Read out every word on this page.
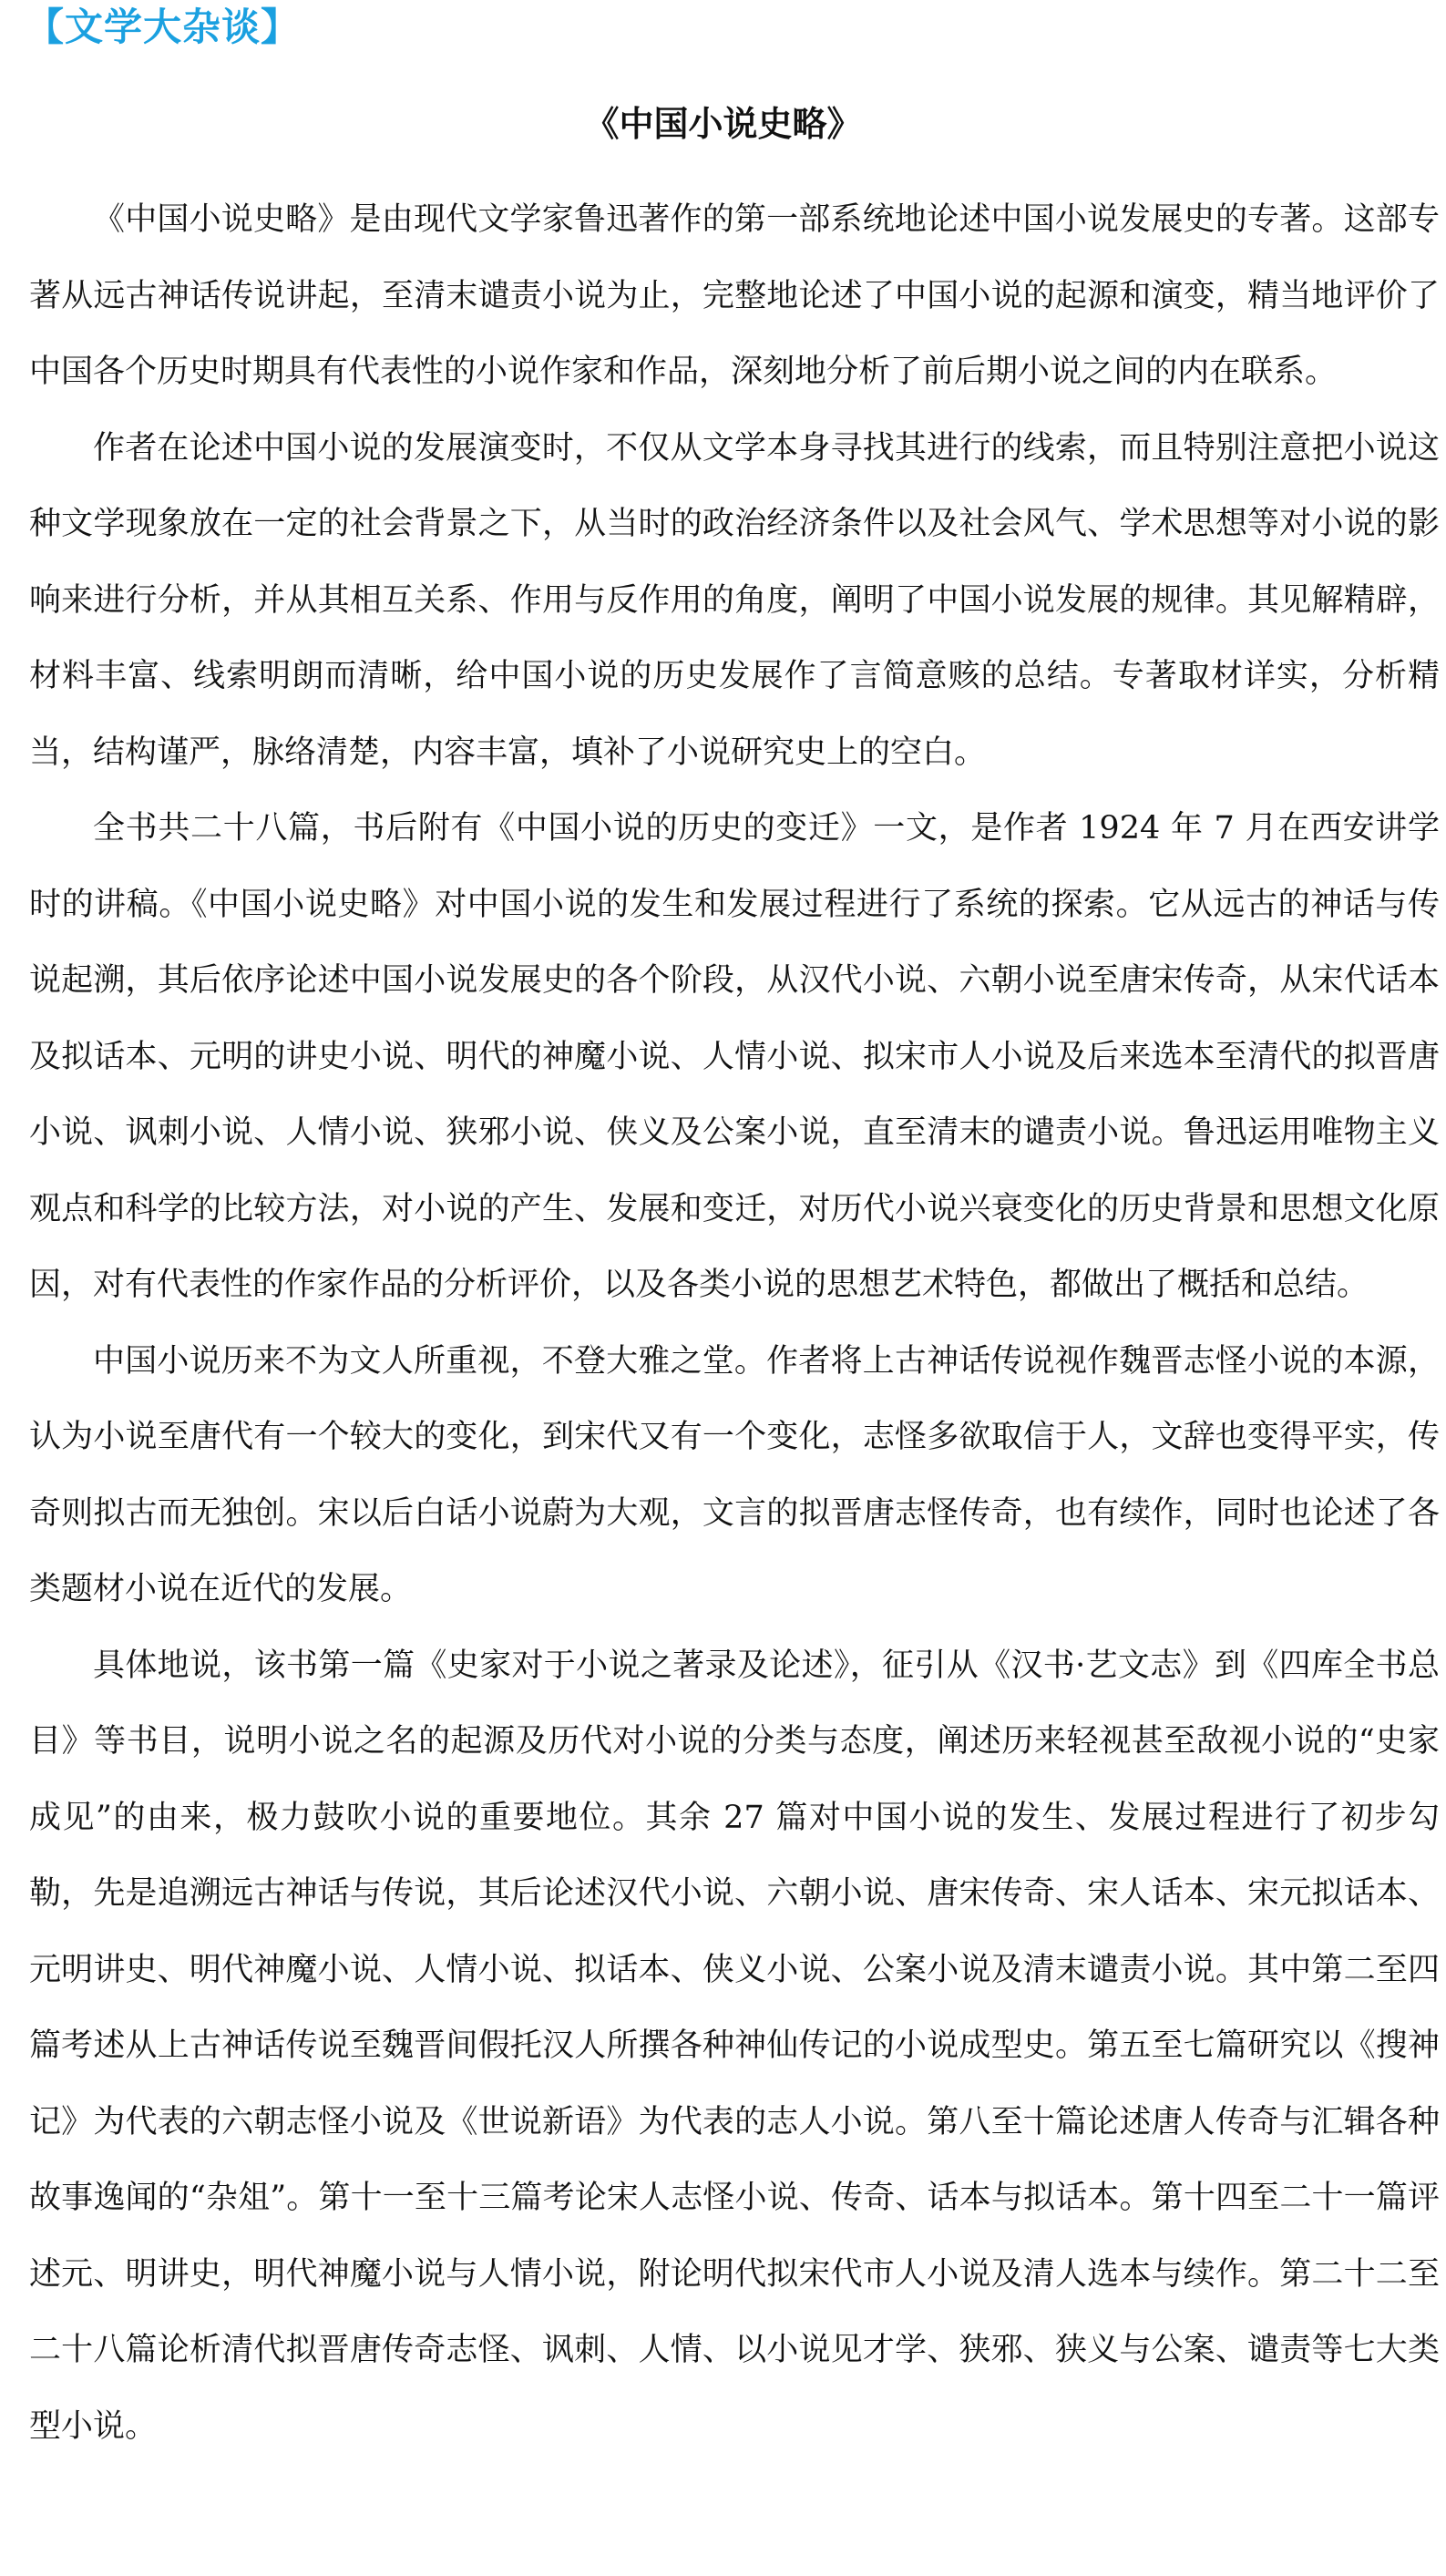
【文学大杂谈】
《中国小说史略》

《中国小说史略》是由现代文学家鲁迅著作的第一部系统地论述中国小说发展史的专著。这部专著从远古神话传说讲起，至清末谴责小说为止，完整地论述了中国小说的起源和演变，精当地评价了中国各个历史时期具有代表性的小说作家和作品，深刻地分析了前后期小说之间的内在联系。

作者在论述中国小说的发展演变时，不仅从文学本身寻找其进行的线索，而且特别注意把小说这种文学现象放在一定的社会背景之下，从当时的政治经济条件以及社会风气、学术思想等对小说的影响来进行分析，并从其相互关系、作用与反作用的角度，阐明了中国小说发展的规律。其见解精辟，材料丰富、线索明朗而清晰，给中国小说的历史发展作了言简意赅的总结。专著取材详实，分析精当，结构谨严，脉络清楚，内容丰富，填补了小说研究史上的空白。

全书共二十八篇，书后附有《中国小说的历史的变迁》一文，是作者 1924 年 7 月在西安讲学时的讲稿。《中国小说史略》对中国小说的发生和发展过程进行了系统的探索。它从远古的神话与传说起溯，其后依序论述中国小说发展史的各个阶段，从汉代小说、六朝小说至唐宋传奇，从宋代话本及拟话本、元明的讲史小说、明代的神魔小说、人情小说、拟宋市人小说及后来选本至清代的拟晋唐小说、讽刺小说、人情小说、狭邪小说、侠义及公案小说，直至清末的谴责小说。鲁迅运用唯物主义观点和科学的比较方法，对小说的产生、发展和变迁，对历代小说兴衰变化的历史背景和思想文化原因，对有代表性的作家作品的分析评价，以及各类小说的思想艺术特色，都做出了概括和总结。

中国小说历来不为文人所重视，不登大雅之堂。作者将上古神话传说视作魏晋志怪小说的本源，认为小说至唐代有一个较大的变化，到宋代又有一个变化，志怪多欲取信于人，文辞也变得平实，传奇则拟古而无独创。宋以后白话小说蔚为大观，文言的拟晋唐志怪传奇，也有续作，同时也论述了各类题材小说在近代的发展。

具体地说，该书第一篇《史家对于小说之著录及论述》，征引从《汉书·艺文志》到《四库全书总目》等书目，说明小说之名的起源及历代对小说的分类与态度，阐述历来轻视甚至敌视小说的“史家成见”的由来，极力鼓吹小说的重要地位。其余 27 篇对中国小说的发生、发展过程进行了初步勾勒，先是追溯远古神话与传说，其后论述汉代小说、六朝小说、唐宋传奇、宋人话本、宋元拟话本、元明讲史、明代神魔小说、人情小说、拟话本、侠义小说、公案小说及清末谴责小说。其中第二至四篇考述从上古神话传说至魏晋间假托汉人所撰各种神仙传记的小说成型史。第五至七篇研究以《搜神记》为代表的六朝志怪小说及《世说新语》为代表的志人小说。第八至十篇论述唐人传奇与汇辑各种故事逸闻的“杂俎”。第十一至十三篇考论宋人志怪小说、传奇、话本与拟话本。第十四至二十一篇评述元、明讲史，明代神魔小说与人情小说，附论明代拟宋代市人小说及清人选本与续作。第二十二至二十八篇论析清代拟晋唐传奇志怪、讽刺、人情、以小说见才学、狭邪、狭义与公案、谴责等七大类型小说。
